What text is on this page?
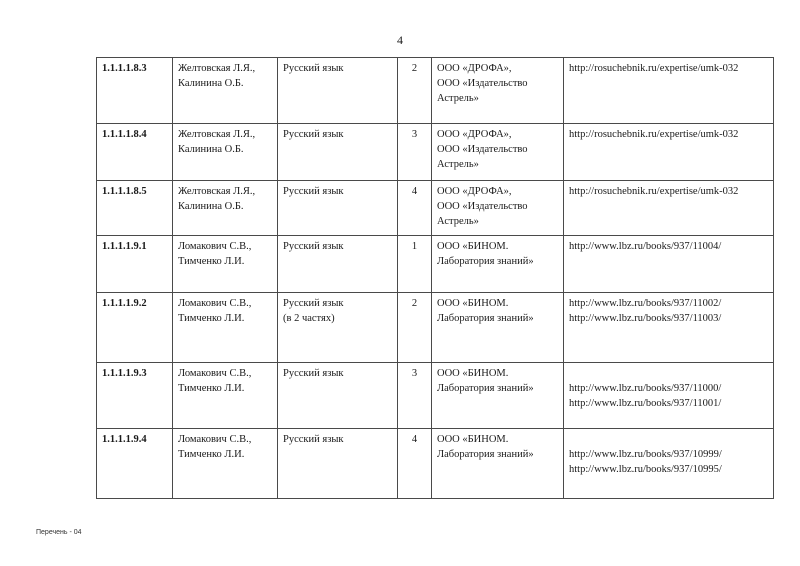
4
1.1.1.1.8.3	Желтовская Л.Я.,
Калинина О.Б.	Русский язык	2	ООО «ДРОФА»,
ООО «Издательство
Астрель»	http://rosuchebnik.ru/expertise/umk-032

1.1.1.1.8.4	Желтовская Л.Я.,
Калинина О.Б.	Русский язык	3	ООО «ДРОФА»,
ООО «Издательство
Астрель»	http://rosuchebnik.ru/expertise/umk-032

1.1.1.1.8.5	Желтовская Л.Я.,
Калинина О.Б.	Русский язык	4	ООО «ДРОФА»,
ООО «Издательство
Астрель»	http://rosuchebnik.ru/expertise/umk-032

1.1.1.1.9.1	Ломакович С.В.,
Тимченко Л.И.	Русский язык	1	ООО «БИНОМ.
Лаборатория знаний»	http://www.lbz.ru/books/937/11004/

1.1.1.1.9.2	Ломакович С.В.,
Тимченко Л.И.	Русский язык
(в 2 частях)	2	ООО «БИНОМ.
Лаборатория знаний»	http://www.lbz.ru/books/937/11002/
http://www.lbz.ru/books/937/11003/

1.1.1.1.9.3	Ломакович С.В.,
Тимченко Л.И.	Русский язык	3	ООО «БИНОМ.
Лаборатория знаний»	http://www.lbz.ru/books/937/11000/
http://www.lbz.ru/books/937/11001/

1.1.1.1.9.4	Ломакович С.В.,
Тимченко Л.И.	Русский язык	4	ООО «БИНОМ.
Лаборатория знаний»	http://www.lbz.ru/books/937/10999/
http://www.lbz.ru/books/937/10995/
Перечень - 04
